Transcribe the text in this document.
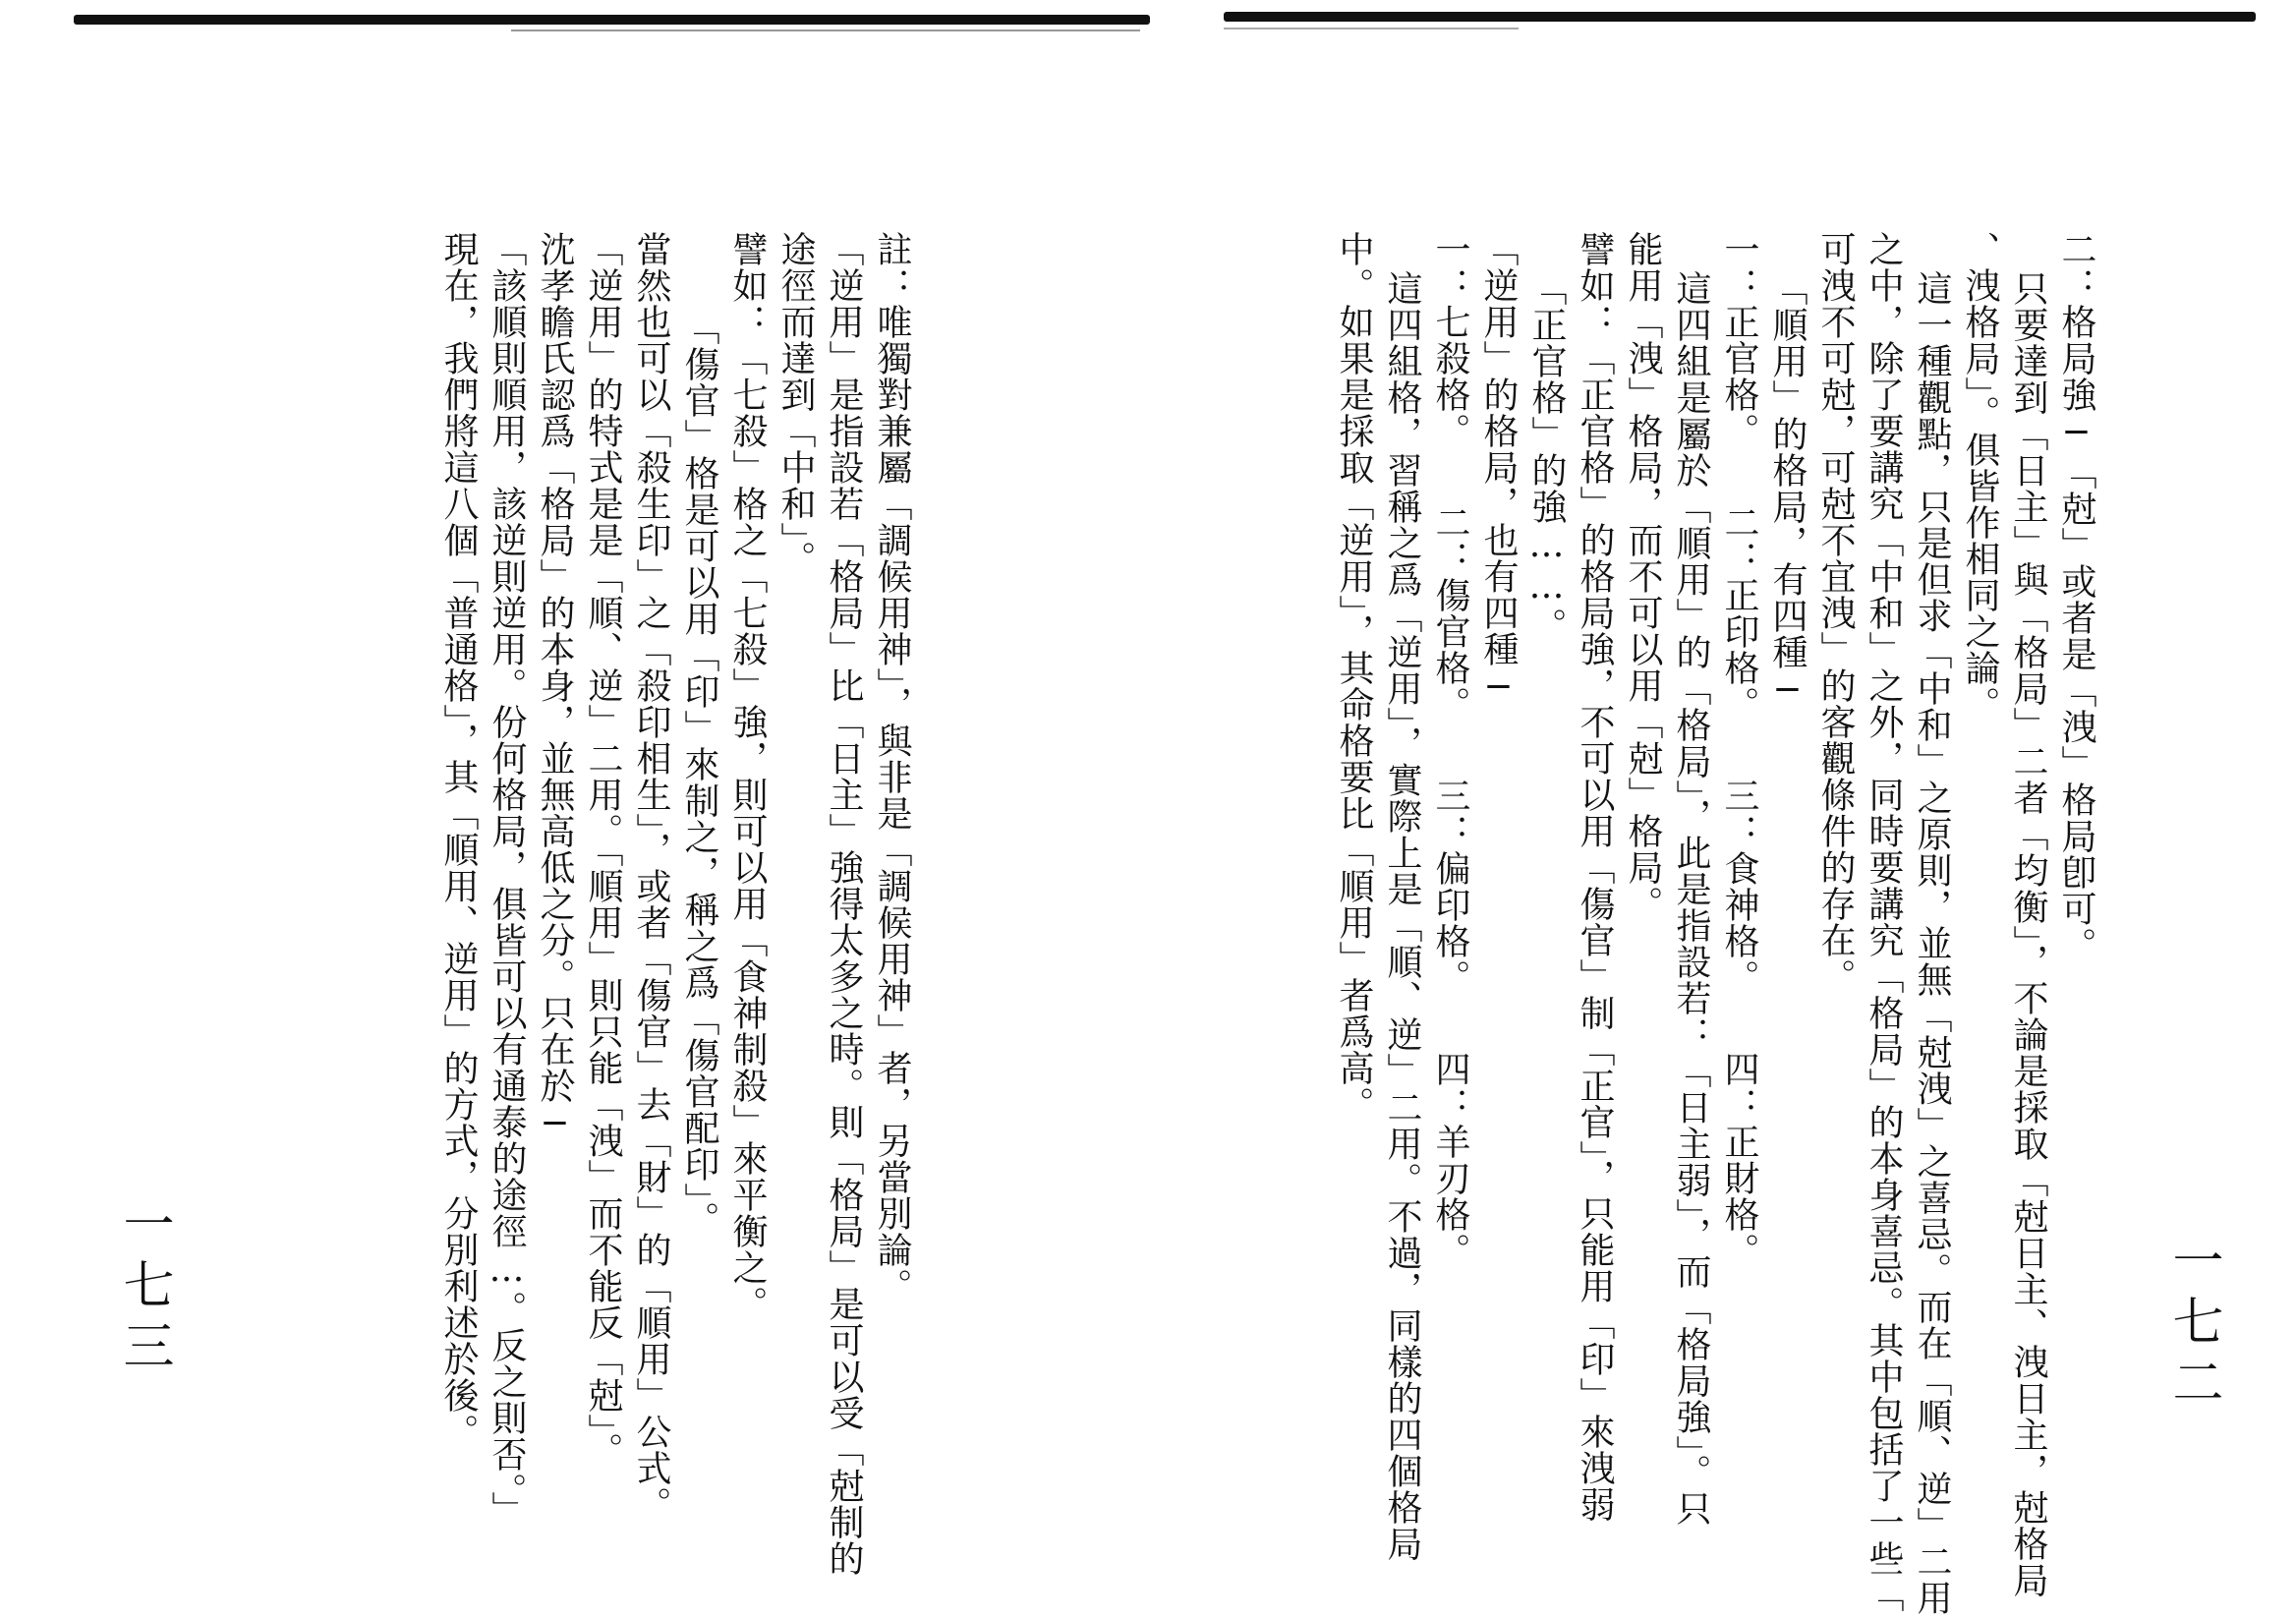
二：格局強─「尅」或者是「洩」格局卽可。

只要達到「日主」與「格局」二者「均衡」，不論是採取「尅日主、洩日主，尅格局

、洩格局」。俱皆作相同之論。

這一種觀點，只是但求「中和」之原則，並無「尅洩」之喜忌。而在「順、逆」二用

之中，除了要講究「中和」之外，同時要講究「格局」的本身喜忌。其中包括了一些「

可洩不可尅，可尅不宜洩」的客觀條件的存在。

「順用」的格局，有四種─

一：正官格。　　二：正印格。　　三：食神格。　　四：正財格。

這四組是屬於「順用」的「格局」，此是指設若：「日主弱」，而「格局強」。只

能用「洩」格局，而不可以用「尅」格局。

譬如：「正官格」的格局強，不可以用「傷官」制「正官」，只能用「印」來洩弱

「正官格」的強……。

「逆用」的格局，也有四種─

一：七殺格。　　二：傷官格。　　三：偏印格。　　四：羊刃格。

這四組格，習稱之爲「逆用」，實際上是「順、逆」二用。不過，同樣的四個格局

中。如果是採取「逆用」，其命格要比「順用」者爲高。

註：唯獨對兼屬「調候用神」，與非是「調候用神」者，另當別論。

「逆用」是指設若「格局」比「日主」強得太多之時。則「格局」是可以受「尅制的

途徑而達到「中和」。

譬如：「七殺」格之「七殺」強，則可以用「食神制殺」來平衡之。

「傷官」格是可以用「印」來制之，稱之爲「傷官配印」。

當然也可以「殺生印」之「殺印相生」，或者「傷官」去「財」的「順用」公式。

「逆用」的特式是是「順、逆」二用。「順用」則只能「洩」而不能反「尅」。

沈孝瞻氏認爲「格局」的本身，並無高低之分。只在於─

「該順則順用，該逆則逆用。份何格局，俱皆可以有通泰的途徑…。反之則否。」

現在，我們將這八個「普通格」，其「順用、逆用」的方式，分別利述於後。	一七二
一七三
